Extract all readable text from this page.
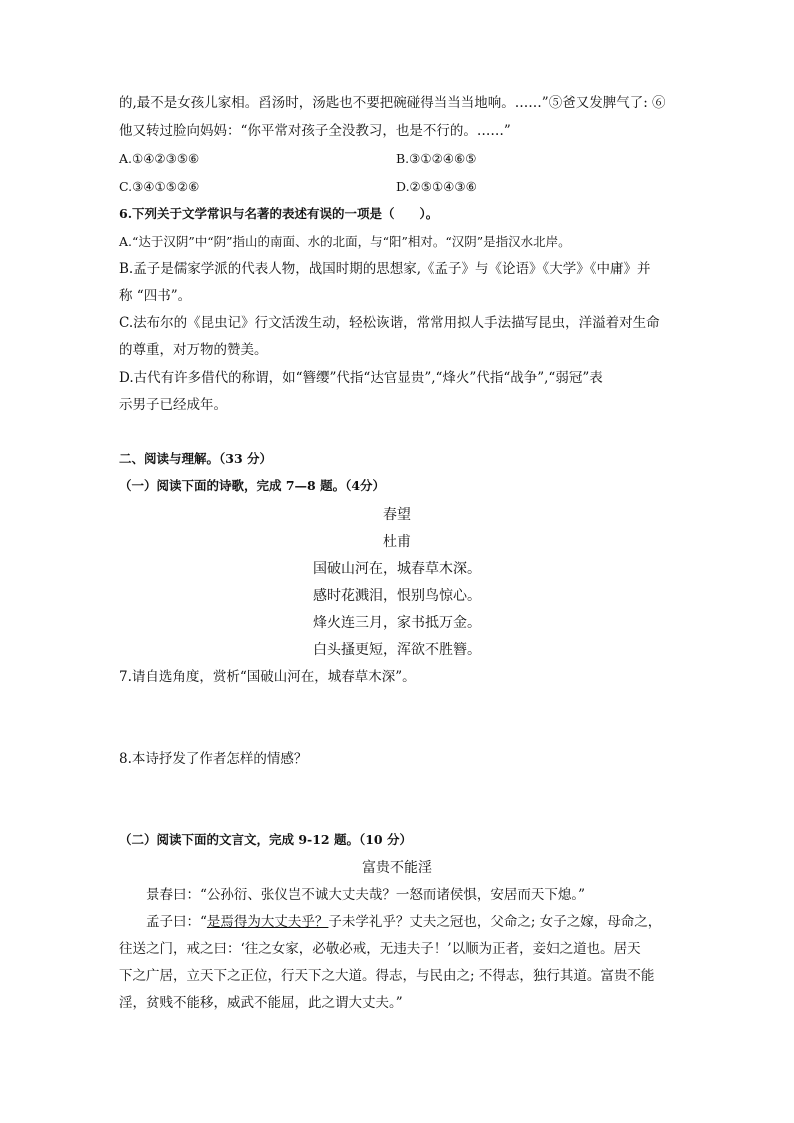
的,最不是女孩儿家相。舀汤时，汤匙也不要把碗碰得当当当地响。……”⑤爸又发脾气了: ⑥
他又转过脸向妈妈：“你平常对孩子全没教习，也是不行的。……”
A.①④②③⑤⑥	B.③①②④⑥⑤
C.③④①⑤②⑥	D.②⑤①④③⑥
6.下列关于文学常识与名著的表述有误的一项是（　　）。
A.“达于汉阴”中“阴”指山的南面、水的北面，与“阳”相对。“汉阴”是指汉水北岸。
B.孟子是儒家学派的代表人物，战国时期的思想家,《孟子》与《论语》《大学》《中庸》并
称 “四书”。
C.法布尔的《昆虫记》行文活泼生动，轻松诙谐，常常用拟人手法描写昆虫，洋溢着对生命
的尊重，对万物的赞美。
D.古代有许多借代的称谓，如“簪缨”代指“达官显贵”,“烽火”代指“战争”,“弱冠”表
示男子已经成年。
二、阅读与理解。（33 分）
（一）阅读下面的诗歌，完成 7—8 题。（4分）
春望
杜甫
国破山河在，城春草木深。
感时花溅泪，恨别鸟惊心。
烽火连三月，家书抵万金。
白头搔更短，浑欲不胜簪。
7.请自选角度，赏析“国破山河在，城春草木深”。
8.本诗抒发了作者怎样的情感？
（二）阅读下面的文言文，完成 9-12 题。（10 分）
富贵不能淫
景春曰：“公孙衍、张仪岂不诚大丈夫哉？一怒而诸侯惧，安居而天下熄。”
孟子曰：“是焉得为大丈夫乎？子未学礼乎？丈夫之冠也，父命之; 女子之嫁，母命之，
往送之门，戒之曰：‘往之女家，必敬必戒，无违夫子！’以顺为正者，妾妇之道也。居天
下之广居，立天下之正位，行天下之大道。得志，与民由之; 不得志，独行其道。富贵不能
淫，贫贱不能移，威武不能屈，此之谓大丈夫。”
